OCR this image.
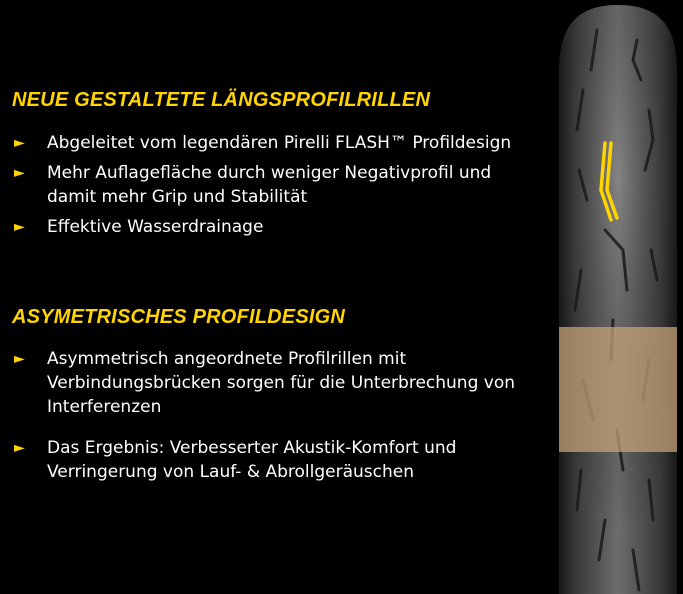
NEUE GESTALTETE LÄNGSPROFILRILLEN
► Abgeleitet vom legendären Pirelli FLASH™ Profildesign
► Mehr Auflagefläche durch weniger Negativprofil und damit mehr Grip und Stabilität
► Effektive Wasserdrainage
ASYMETRISCHES PROFILDESIGN
► Asymmetrisch angeordnete Profilrillen mit Verbindungsbrücken sorgen für die Unterbrechung von Interferenzen
► Das Ergebnis: Verbesserter Akustik-Komfort und Verringerung von Lauf- & Abrollgeräuschen
